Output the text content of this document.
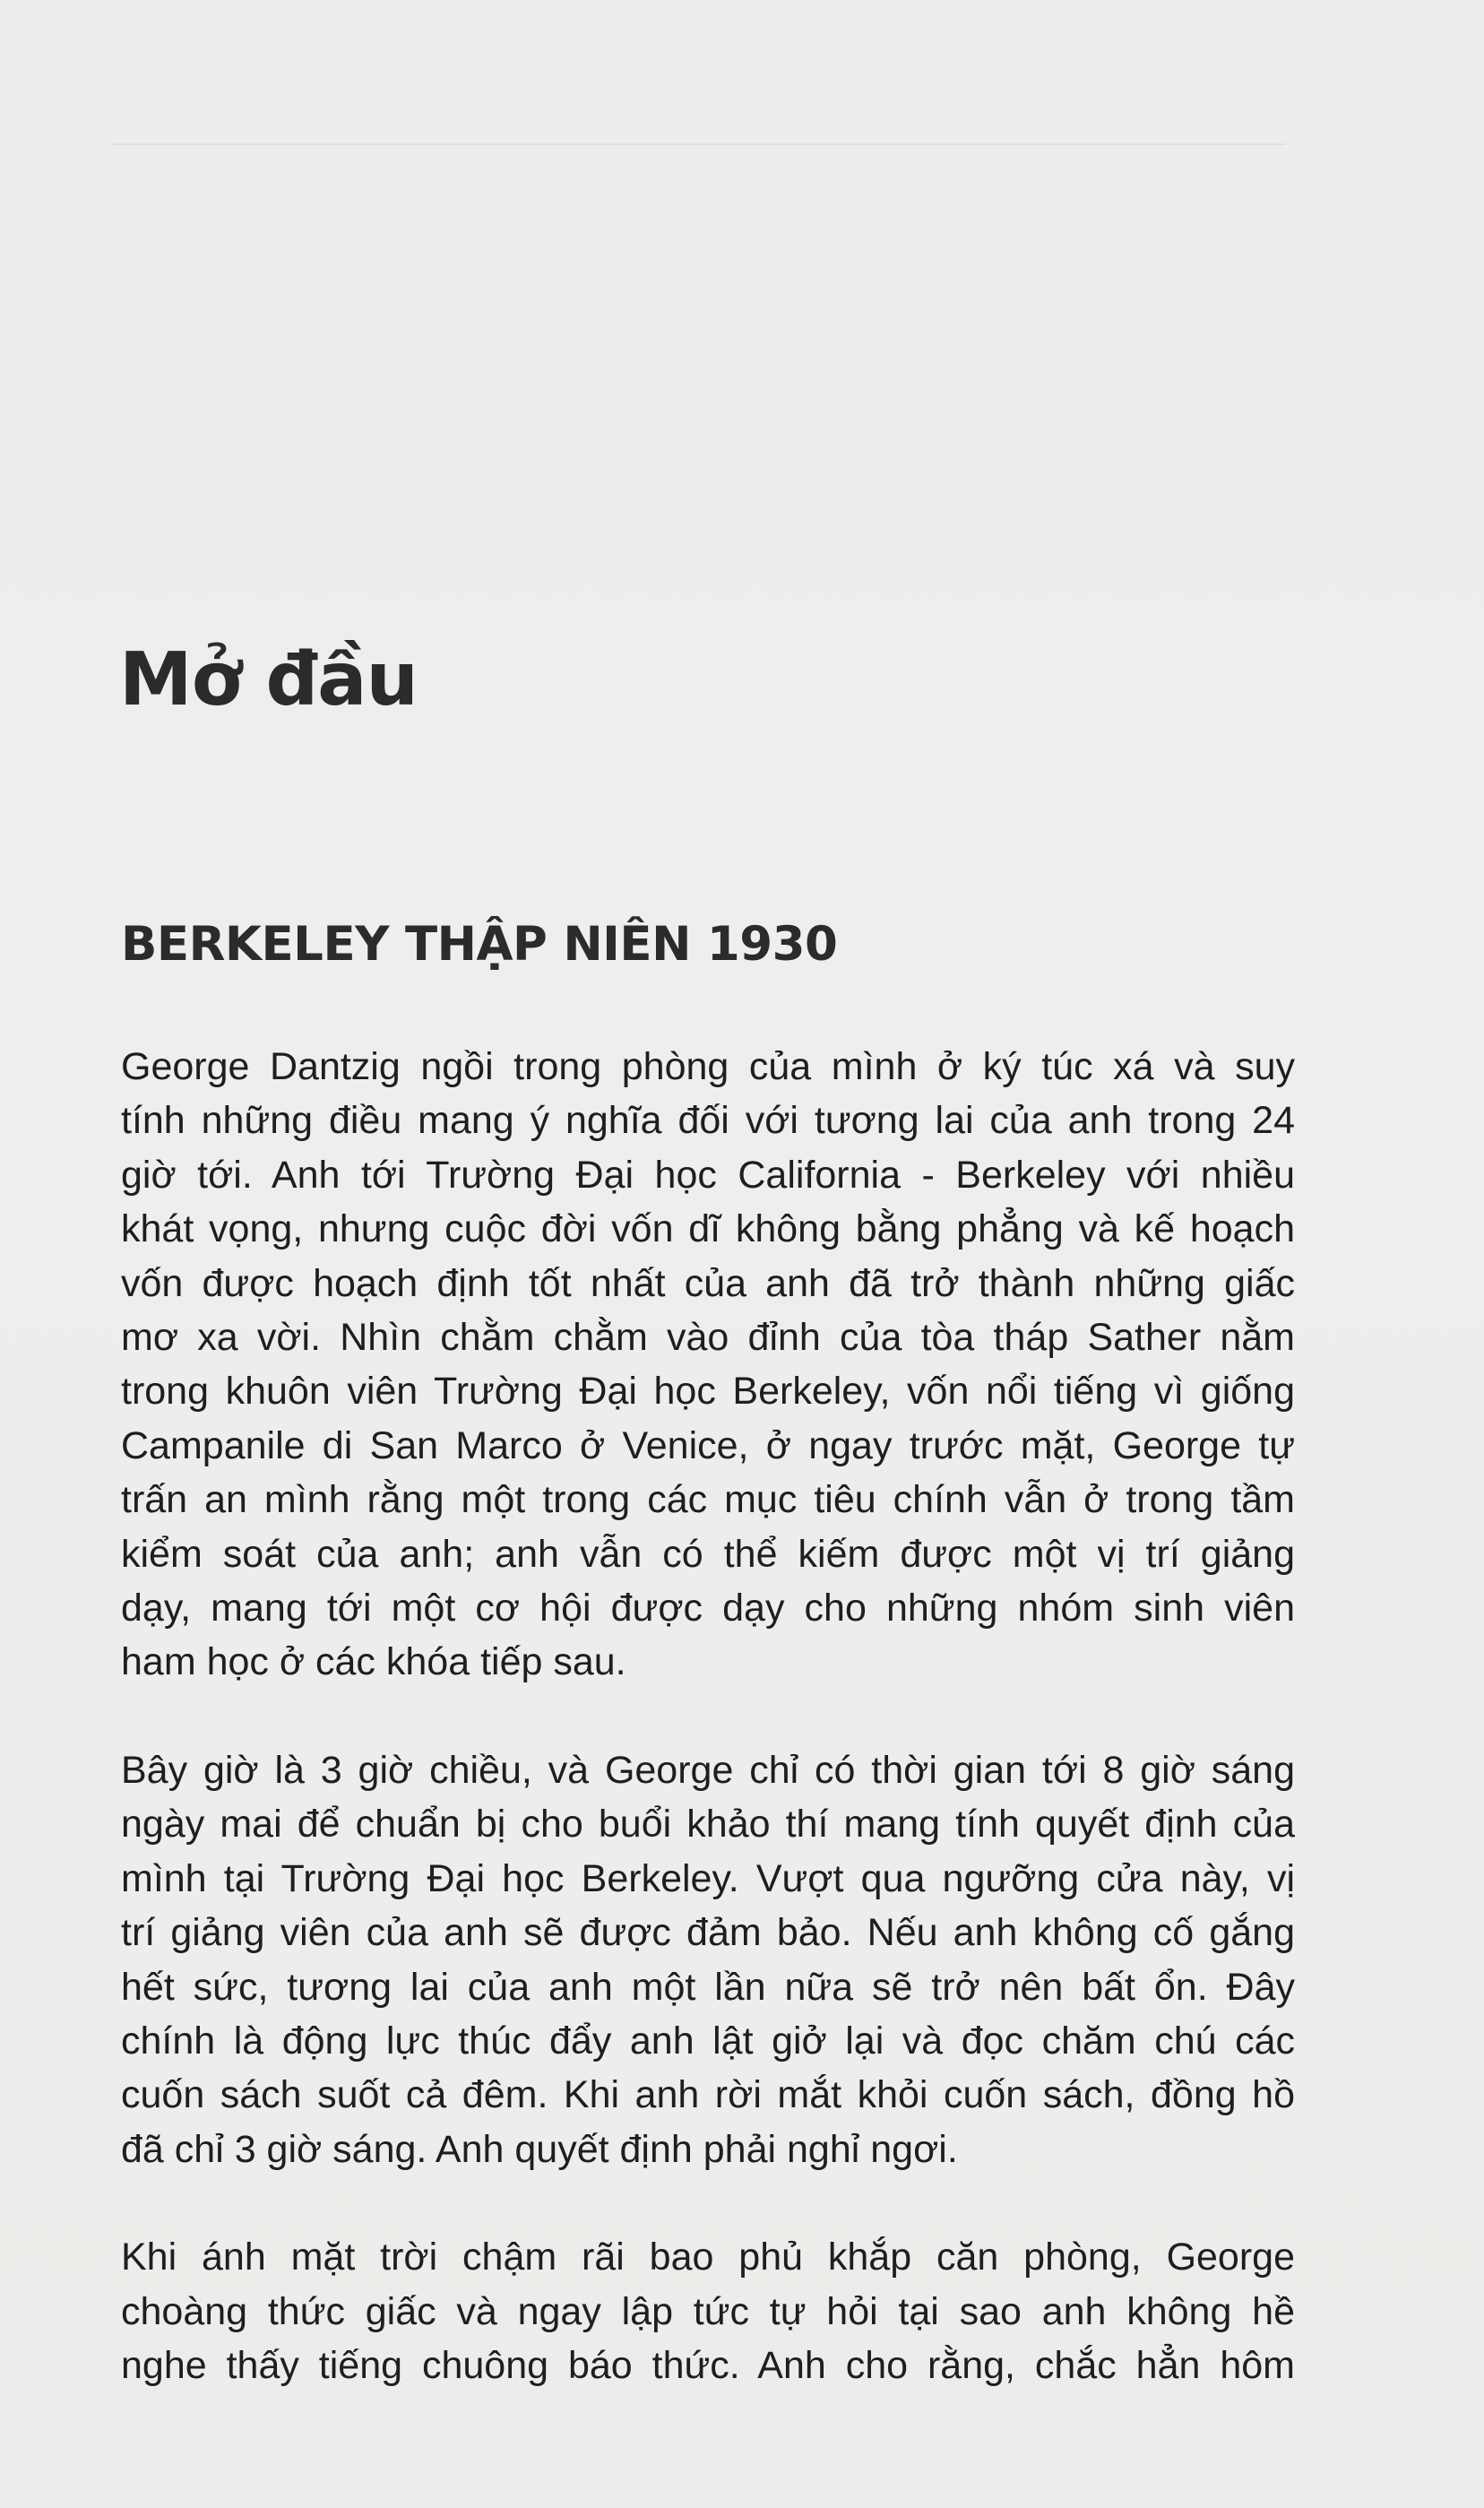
Mở đầu
BERKELEY THẬP NIÊN 1930

George Dantzig ngồi trong phòng của mình ở ký túc xá và suy
tính những điều mang ý nghĩa đối với tương lai của anh trong 24
giờ tới. Anh tới Trường Đại học California - Berkeley với nhiều
khát vọng, nhưng cuộc đời vốn dĩ không bằng phẳng và kế hoạch
vốn được hoạch định tốt nhất của anh đã trở thành những giấc
mơ xa vời. Nhìn chằm chằm vào đỉnh của tòa tháp Sather nằm
trong khuôn viên Trường Đại học Berkeley, vốn nổi tiếng vì giống
Campanile di San Marco ở Venice, ở ngay trước mặt, George tự
trấn an mình rằng một trong các mục tiêu chính vẫn ở trong tầm
kiểm soát của anh; anh vẫn có thể kiếm được một vị trí giảng
dạy, mang tới một cơ hội được dạy cho những nhóm sinh viên
ham học ở các khóa tiếp sau.

Bây giờ là 3 giờ chiều, và George chỉ có thời gian tới 8 giờ sáng
ngày mai để chuẩn bị cho buổi khảo thí mang tính quyết định của
mình tại Trường Đại học Berkeley. Vượt qua ngưỡng cửa này, vị
trí giảng viên của anh sẽ được đảm bảo. Nếu anh không cố gắng
hết sức, tương lai của anh một lần nữa sẽ trở nên bất ổn. Đây
chính là động lực thúc đẩy anh lật giở lại và đọc chăm chú các
cuốn sách suốt cả đêm. Khi anh rời mắt khỏi cuốn sách, đồng hồ
đã chỉ 3 giờ sáng. Anh quyết định phải nghỉ ngơi.

Khi ánh mặt trời chậm rãi bao phủ khắp căn phòng, George
choàng thức giấc và ngay lập tức tự hỏi tại sao anh không hề
nghe thấy tiếng chuông báo thức. Anh cho rằng, chắc hẳn hôm
